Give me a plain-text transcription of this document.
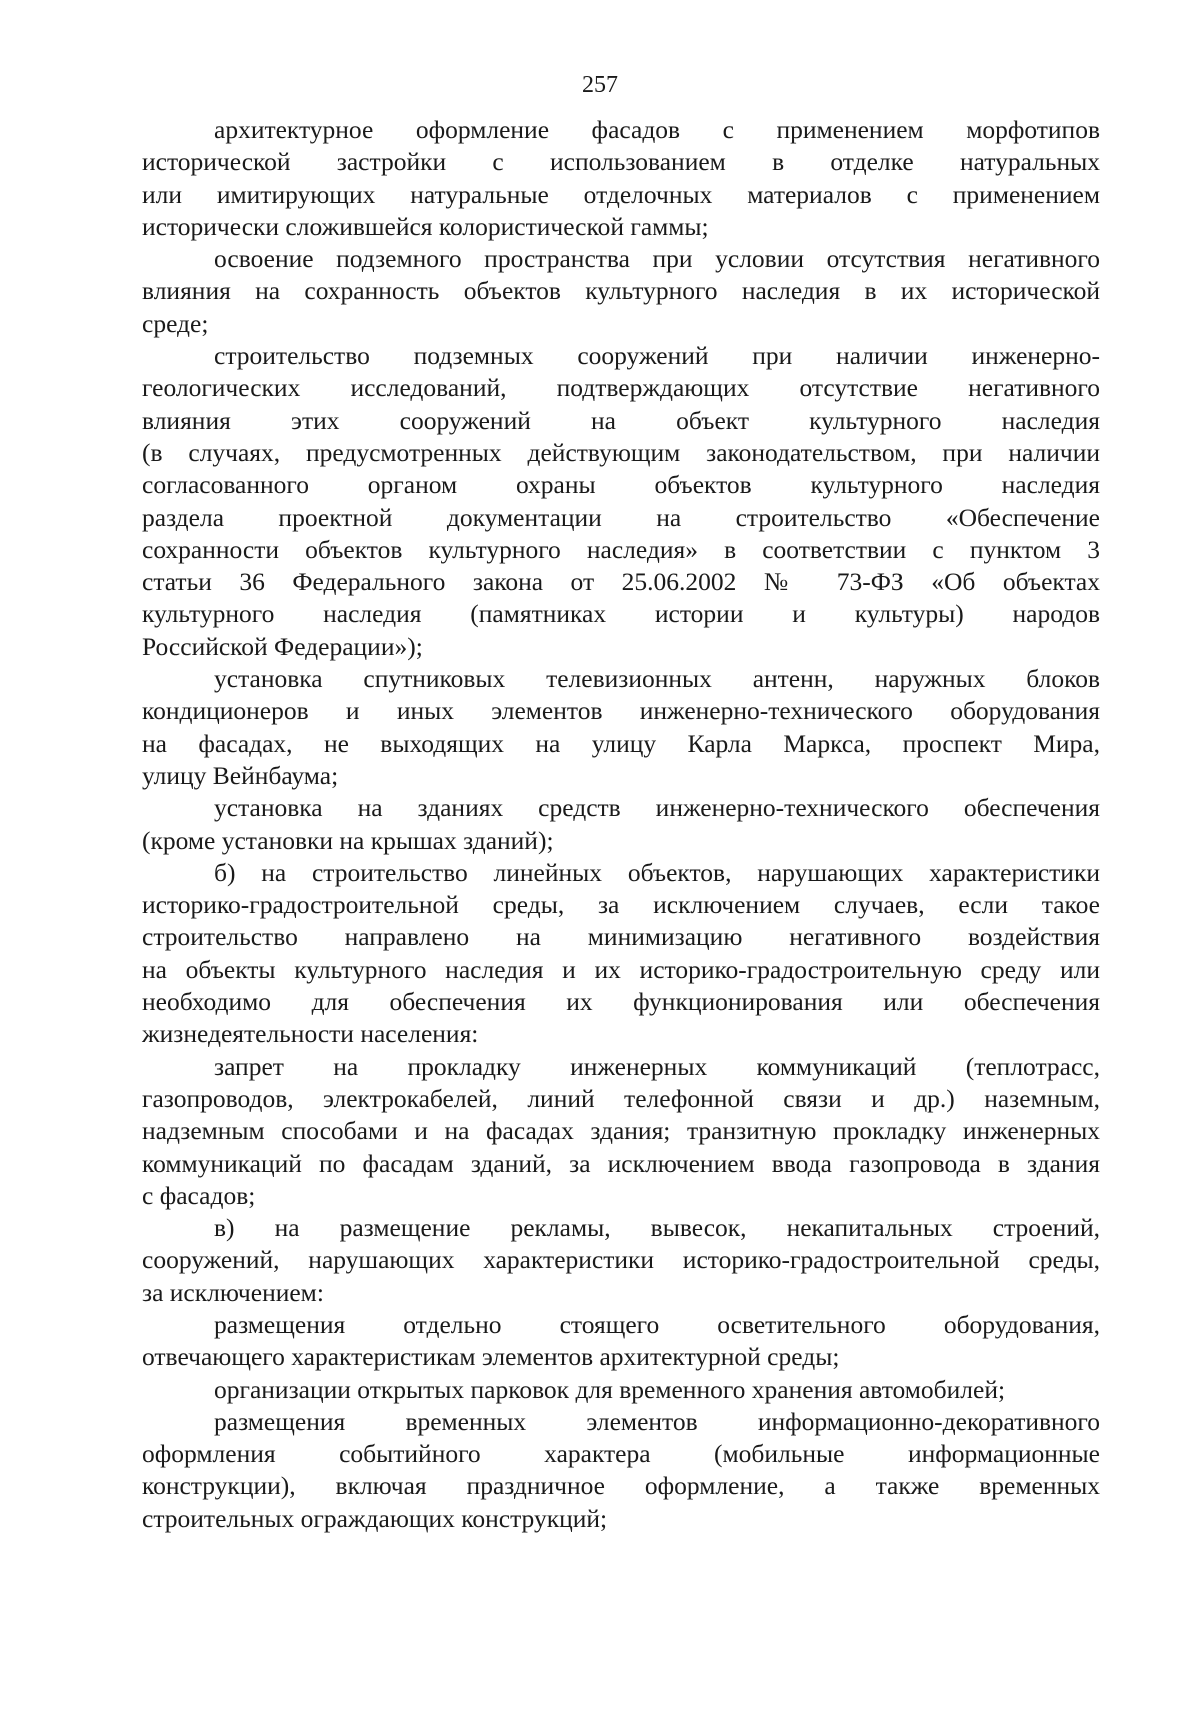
257
архитектурное оформление фасадов с применением морфотипов
исторической застройки с использованием в отделке натуральных
или имитирующих натуральные отделочных материалов с применением
исторически сложившейся колористической гаммы;
освоение подземного пространства при условии отсутствия негативного
влияния на сохранность объектов культурного наследия в их исторической
среде;
строительство подземных сооружений при наличии инженерно-
геологических исследований, подтверждающих отсутствие негативного
влияния этих сооружений на объект культурного наследия
(в случаях, предусмотренных действующим законодательством, при наличии
согласованного органом охраны объектов культурного наследия
раздела проектной документации на строительство «Обеспечение
сохранности объектов культурного наследия» в соответствии с пунктом 3
статьи 36 Федерального закона от 25.06.2002 № 73-ФЗ «Об объектах
культурного наследия (памятниках истории и культуры) народов
Российской Федерации»);
установка спутниковых телевизионных антенн, наружных блоков
кондиционеров и иных элементов инженерно-технического оборудования
на фасадах, не выходящих на улицу Карла Маркса, проспект Мира,
улицу Вейнбаума;
установка на зданиях средств инженерно-технического обеспечения
(кроме установки на крышах зданий);
б) на строительство линейных объектов, нарушающих характеристики
историко-градостроительной среды, за исключением случаев, если такое
строительство направлено на минимизацию негативного воздействия
на объекты культурного наследия и их историко-градостроительную среду или
необходимо для обеспечения их функционирования или обеспечения
жизнедеятельности населения:
запрет на прокладку инженерных коммуникаций (теплотрасс,
газопроводов, электрокабелей, линий телефонной связи и др.) наземным,
надземным способами и на фасадах здания; транзитную прокладку инженерных
коммуникаций по фасадам зданий, за исключением ввода газопровода в здания
с фасадов;
в) на размещение рекламы, вывесок, некапитальных строений,
сооружений, нарушающих характеристики историко-градостроительной среды,
за исключением:
размещения отдельно стоящего осветительного оборудования,
отвечающего характеристикам элементов архитектурной среды;
организации открытых парковок для временного хранения автомобилей;
размещения временных элементов информационно-декоративного
оформления событийного характера (мобильные информационные
конструкции), включая праздничное оформление, а также временных
строительных ограждающих конструкций;
